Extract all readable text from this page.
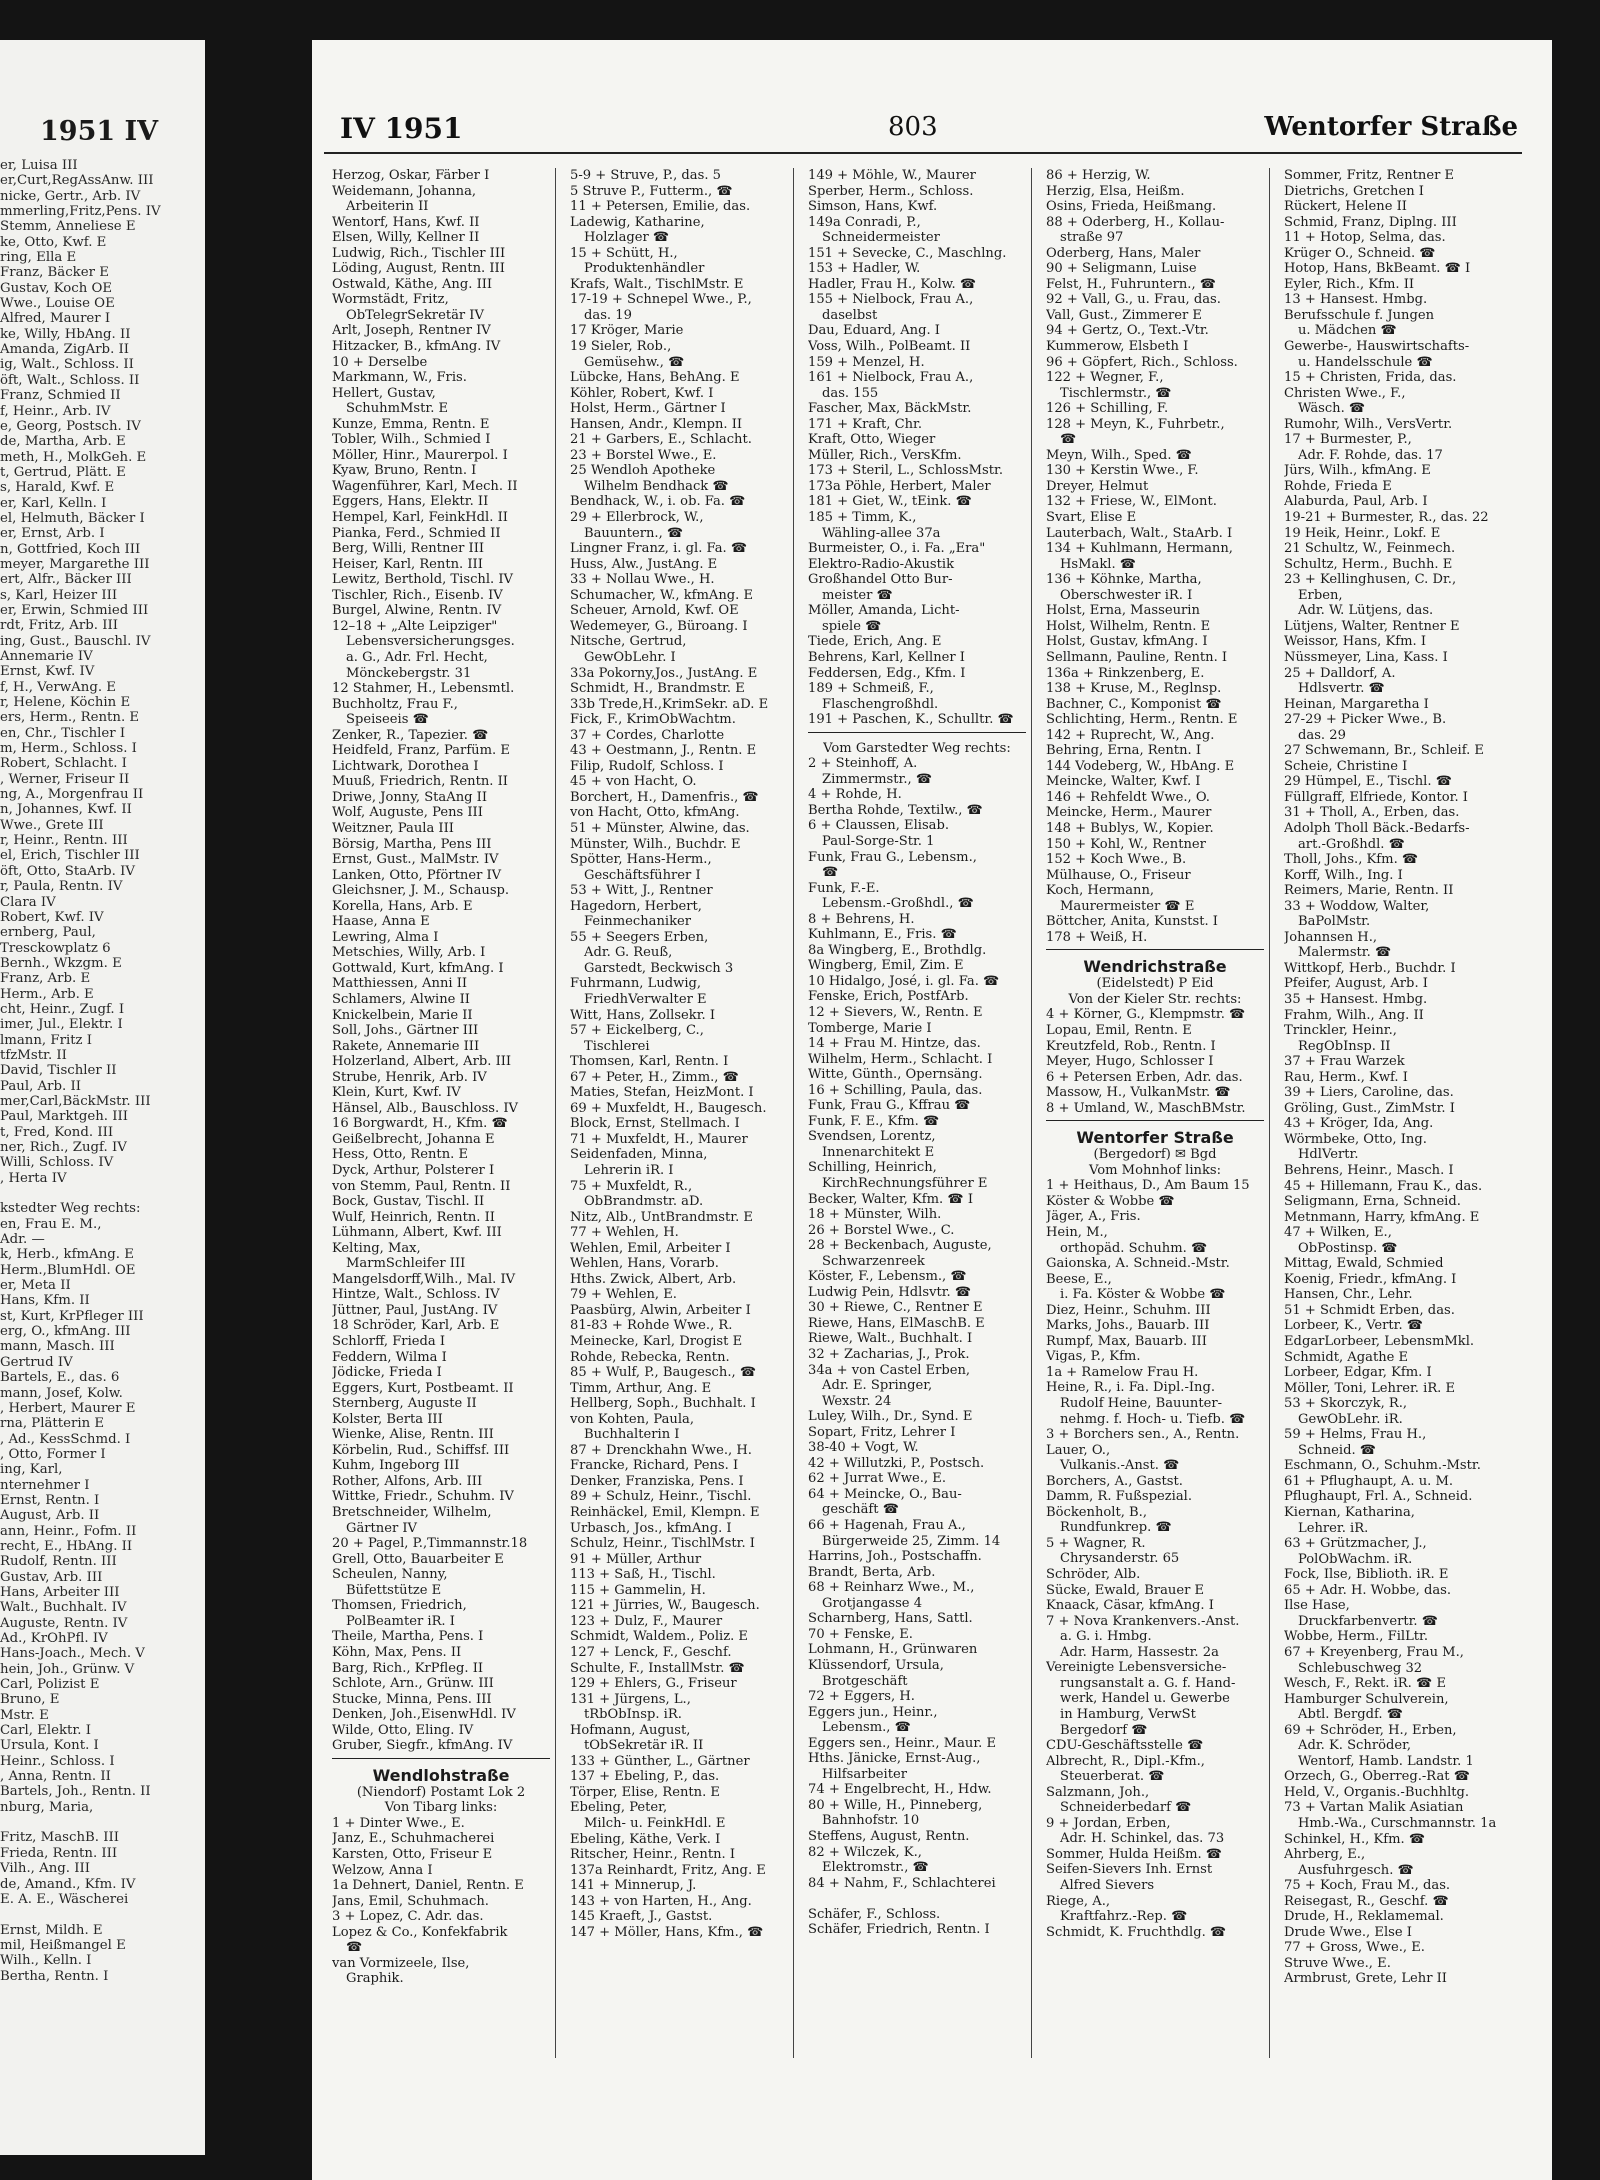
1951 IV
er, Luisa III
er,Curt,RegAssAnw. III
nicke, Gertr., Arb. IV
mmerling,Fritz,Pens. IV
Stemm, Anneliese E
ke, Otto, Kwf. E
ring, Ella E
Franz, Bäcker E
Gustav, Koch OE
Wwe., Louise OE
Alfred, Maurer I
ke, Willy, HbAng. II
Amanda, ZigArb. II
ig, Walt., Schloss. II
öft, Walt., Schloss. II
Franz, Schmied II
f, Heinr., Arb. IV
e, Georg, Postsch. IV
de, Martha, Arb. E
meth, H., MolkGeh. E
t, Gertrud, Plätt. E
s, Harald, Kwf. E
er, Karl, Kelln. I
el, Helmuth, Bäcker I
er, Ernst, Arb. I
n, Gottfried, Koch III
meyer, Margarethe III
ert, Alfr., Bäcker III
s, Karl, Heizer III
er, Erwin, Schmied III
rdt, Fritz, Arb. III
ing, Gust., Bauschl. IV
Annemarie IV
Ernst, Kwf. IV
f, H., VerwAng. E
r, Helene, Köchin E
ers, Herm., Rentn. E
en, Chr., Tischler I
m, Herm., Schloss. I
Robert, Schlacht. I
, Werner, Friseur II
ng, A., Morgenfrau II
n, Johannes, Kwf. II
Wwe., Grete III
r, Heinr., Rentn. III
el, Erich, Tischler III
öft, Otto, StaArb. IV
r, Paula, Rentn. IV
Clara IV
Robert, Kwf. IV
ernberg, Paul,
Tresckowplatz 6
Bernh., Wkzgm. E
Franz, Arb. E
Herm., Arb. E
cht, Heinr., Zugf. I
imer, Jul., Elektr. I
lmann, Fritz I
tfzMstr. II
David, Tischler II
Paul, Arb. II
mer,Carl,BäckMstr. III
Paul, Marktgeh. III
t, Fred, Kond. III
ner, Rich., Zugf. IV
Willi, Schloss. IV
, Herta IV

kstedter Weg rechts:
en, Frau E. M.,
Adr. —
k, Herb., kfmAng. E
Herm.,BlumHdl. OE
er, Meta II
Hans, Kfm. II
st, Kurt, KrPfleger III
erg, O., kfmAng. III
mann, Masch. III
Gertrud IV
Bartels, E., das. 6
mann, Josef, Kolw.
, Herbert, Maurer E
rna, Plätterin E
, Ad., KessSchmd. I
, Otto, Former I
ing, Karl,
nternehmer I
Ernst, Rentn. I
August, Arb. II
ann, Heinr., Fofm. II
recht, E., HbAng. II
Rudolf, Rentn. III
Gustav, Arb. III
Hans, Arbeiter III
Walt., Buchhalt. IV
Auguste, Rentn. IV
Ad., KrOhPfl. IV
Hans-Joach., Mech. V
hein, Joh., Grünw. V
Carl, Polizist E
Bruno, E
Mstr. E
Carl, Elektr. I
Ursula, Kont. I
Heinr., Schloss. I
, Anna, Rentn. II
Bartels, Joh., Rentn. II
nburg, Maria,

Fritz, MaschB. III
Frieda, Rentn. III
Vilh., Ang. III
de, Amand., Kfm. IV
E. A. E., Wäscherei

Ernst, Mildh. E
mil, Heißmangel E
Wilh., Kelln. I
Bertha, Rentn. I
IV 1951	803	Wentorfer Straße
Herzog, Oskar, Färber I
Weidemann, Johanna,
Arbeiterin II
Wentorf, Hans, Kwf. II
Elsen, Willy, Kellner II
Ludwig, Rich., Tischler III
Löding, August, Rentn. III
Ostwald, Käthe, Ang. III
Wormstädt, Fritz,
ObTelegrSekretär IV
Arlt, Joseph, Rentner IV
Hitzacker, B., kfmAng. IV
10 + Derselbe
Markmann, W., Fris.
Hellert, Gustav,
SchuhmMstr. E
Kunze, Emma, Rentn. E
Tobler, Wilh., Schmied I
Möller, Hinr., Maurerpol. I
Kyaw, Bruno, Rentn. I
Wagenführer, Karl, Mech. II
Eggers, Hans, Elektr. II
Hempel, Karl, FeinkHdl. II
Pianka, Ferd., Schmied II
Berg, Willi, Rentner III
Heiser, Karl, Rentn. III
Lewitz, Berthold, Tischl. IV
Tischler, Rich., Eisenb. IV
Burgel, Alwine, Rentn. IV
12–18 + „Alte Leipziger"
Lebensversicherungsges.
a. G., Adr. Frl. Hecht,
Mönckebergstr. 31
12 Stahmer, H., Lebensmtl.
Buchholtz, Frau F.,
Speiseeis ☎
Zenker, R., Tapezier. ☎
Heidfeld, Franz, Parfüm. E
Lichtwark, Dorothea I
Muuß, Friedrich, Rentn. II
Driwe, Jonny, StaAng II
Wolf, Auguste, Pens III
Weitzner, Paula III
Börsig, Martha, Pens III
Ernst, Gust., MalMstr. IV
Lanken, Otto, Pförtner IV
Gleichsner, J. M., Schausp.
Korella, Hans, Arb. E
Haase, Anna E
Lewring, Alma I
Metschies, Willy, Arb. I
Gottwald, Kurt, kfmAng. I
Matthiessen, Anni II
Schlamers, Alwine II
Knickelbein, Marie II
Soll, Johs., Gärtner III
Rakete, Annemarie III
Holzerland, Albert, Arb. III
Strube, Henrik, Arb. IV
Klein, Kurt, Kwf. IV
Hänsel, Alb., Bauschloss. IV
16 Borgwardt, H., Kfm. ☎
Geißelbrecht, Johanna E
Hess, Otto, Rentn. E
Dyck, Arthur, Polsterer I
von Stemm, Paul, Rentn. II
Bock, Gustav, Tischl. II
Wulf, Heinrich, Rentn. II
Lühmann, Albert, Kwf. III
Kelting, Max,
MarmSchleifer III
Mangelsdorff,Wilh., Mal. IV
Hintze, Walt., Schloss. IV
Jüttner, Paul, JustAng. IV
18 Schröder, Karl, Arb. E
Schlorff, Frieda I
Feddern, Wilma I
Jödicke, Frieda I
Eggers, Kurt, Postbeamt. II
Sternberg, Auguste II
Kolster, Berta III
Wienke, Alise, Rentn. III
Körbelin, Rud., Schiffsf. III
Kuhm, Ingeborg III
Rother, Alfons, Arb. III
Wittke, Friedr., Schuhm. IV
Bretschneider, Wilhelm,
Gärtner IV
20 + Pagel, P.,Timmannstr.18
Grell, Otto, Bauarbeiter E
Scheulen, Nanny,
Büfettstütze E
Thomsen, Friedrich,
PolBeamter iR. I
Theile, Martha, Pens. I
Köhn, Max, Pens. II
Barg, Rich., KrPfleg. II
Schlote, Arn., Grünw. III
Stucke, Minna, Pens. III
Denken, Joh.,EisenwHdl. IV
Wilde, Otto, Eling. IV
Gruber, Siegfr., kfmAng. IV

Wendlohstraße
(Niendorf) Postamt Lok 2
Von Tibarg links:
1 + Dinter Wwe., E.
Janz, E., Schuhmacherei
Karsten, Otto, Friseur E
Welzow, Anna I
1a Dehnert, Daniel, Rentn. E
Jans, Emil, Schuhmach.
3 + Lopez, C. Adr. das.
Lopez & Co., Konfekfabrik
☎
van Vormizeele, Ilse,
Graphik.
5-9 + Struve, P., das. 5
5 Struve P., Futterm., ☎
11 + Petersen, Emilie, das.
Ladewig, Katharine,
Holzlager ☎
15 + Schütt, H.,
Produktenhändler
Krafs, Walt., TischlMstr. E
17-19 + Schnepel Wwe., P.,
das. 19
17 Kröger, Marie
19 Sieler, Rob.,
Gemüsehw., ☎
Lübcke, Hans, BehAng. E
Köhler, Robert, Kwf. I
Holst, Herm., Gärtner I
Hansen, Andr., Klempn. II
21 + Garbers, E., Schlacht.
23 + Borstel Wwe., E.
25 Wendloh Apotheke
Wilhelm Bendhack ☎
Bendhack, W., i. ob. Fa. ☎
29 + Ellerbrock, W.,
Bauuntern., ☎
Lingner Franz, i. gl. Fa. ☎
Huss, Alw., JustAng. E
33 + Nollau Wwe., H.
Schumacher, W., kfmAng. E
Scheuer, Arnold, Kwf. OE
Wedemeyer, G., Büroang. I
Nitsche, Gertrud,
GewObLehr. I
33a Pokorny,Jos., JustAng. E
Schmidt, H., Brandmstr. E
33b Trede,H.,KrimSekr. aD. E
Fick, F., KrimObWachtm.
37 + Cordes, Charlotte
43 + Oestmann, J., Rentn. E
Filip, Rudolf, Schloss. I
45 + von Hacht, O.
Borchert, H., Damenfris., ☎
von Hacht, Otto, kfmAng.
51 + Münster, Alwine, das.
Münster, Wilh., Buchdr. E
Spötter, Hans-Herm.,
Geschäftsführer I
53 + Witt, J., Rentner
Hagedorn, Herbert,
Feinmechaniker
55 + Seegers Erben,
Adr. G. Reuß,
Garstedt, Beckwisch 3
Fuhrmann, Ludwig,
FriedhVerwalter E
Witt, Hans, Zollsekr. I
57 + Eickelberg, C.,
Tischlerei
Thomsen, Karl, Rentn. I
67 + Peter, H., Zimm., ☎
Maties, Stefan, HeizMont. I
69 + Muxfeldt, H., Baugesch.
Block, Ernst, Stellmach. I
71 + Muxfeldt, H., Maurer
Seidenfaden, Minna,
Lehrerin iR. I
75 + Muxfeldt, R.,
ObBrandmstr. aD.
Nitz, Alb., UntBrandmstr. E
77 + Wehlen, H.
Wehlen, Emil, Arbeiter I
Wehlen, Hans, Vorarb.
Hths. Zwick, Albert, Arb.
79 + Wehlen, E.
Paasbürg, Alwin, Arbeiter I
81-83 + Rohde Wwe., R.
Meinecke, Karl, Drogist E
Rohde, Rebecka, Rentn.
85 + Wulf, P., Baugesch., ☎
Timm, Arthur, Ang. E
Hellberg, Soph., Buchhalt. I
von Kohten, Paula,
Buchhalterin I
87 + Drenckhahn Wwe., H.
Francke, Richard, Pens. I
Denker, Franziska, Pens. I
89 + Schulz, Heinr., Tischl.
Reinhäckel, Emil, Klempn. E
Urbasch, Jos., kfmAng. I
Schulz, Heinr., TischlMstr. I
91 + Müller, Arthur
113 + Saß, H., Tischl.
115 + Gammelin, H.
121 + Jürries, W., Baugesch.
123 + Dulz, F., Maurer
Schmidt, Waldem., Poliz. E
127 + Lenck, F., Geschf.
Schulte, F., InstallMstr. ☎
129 + Ehlers, G., Friseur
131 + Jürgens, L.,
tRbObInsp. iR.
Hofmann, August,
tObSekretär iR. II
133 + Günther, L., Gärtner
137 + Ebeling, P., das.
Törper, Elise, Rentn. E
Ebeling, Peter,
Milch- u. FeinkHdl. E
Ebeling, Käthe, Verk. I
Ritscher, Heinr., Rentn. I
137a Reinhardt, Fritz, Ang. E
141 + Minnerup, J.
143 + von Harten, H., Ang.
145 Kraeft, J., Gastst.
147 + Möller, Hans, Kfm., ☎
149 + Möhle, W., Maurer
Sperber, Herm., Schloss.
Simson, Hans, Kwf.
149a Conradi, P.,
Schneidermeister
151 + Sevecke, C., Maschlng.
153 + Hadler, W.
Hadler, Frau H., Kolw. ☎
155 + Nielbock, Frau A.,
daselbst
Dau, Eduard, Ang. I
Voss, Wilh., PolBeamt. II
159 + Menzel, H.
161 + Nielbock, Frau A.,
das. 155
Fascher, Max, BäckMstr.
171 + Kraft, Chr.
Kraft, Otto, Wieger
Müller, Rich., VersKfm.
173 + Steril, L., SchlossMstr.
173a Pöhle, Herbert, Maler
181 + Giet, W., tEink. ☎
185 + Timm, K.,
Wähling-allee 37a
Burmeister, O., i. Fa. „Era"
Elektro-Radio-Akustik
Großhandel Otto Bur-
meister ☎
Möller, Amanda, Licht-
spiele ☎
Tiede, Erich, Ang. E
Behrens, Karl, Kellner I
Feddersen, Edg., Kfm. I
189 + Schmeiß, F.,
Flaschengroßhdl.
191 + Paschen, K., Schulltr. ☎

Vom Garstedter Weg rechts:
2 + Steinhoff, A.
Zimmermstr., ☎
4 + Rohde, H.
Bertha Rohde, Textilw., ☎
6 + Claussen, Elisab.
Paul-Sorge-Str. 1
Funk, Frau G., Lebensm.,
☎
Funk, F.-E.
Lebensm.-Großhdl., ☎
8 + Behrens, H.
Kuhlmann, E., Fris. ☎
8a Wingberg, E., Brothdlg.
Wingberg, Emil, Zim. E
10 Hidalgo, José, i. gl. Fa. ☎
Fenske, Erich, PostfArb.
12 + Sievers, W., Rentn. E
Tomberge, Marie I
14 + Frau M. Hintze, das.
Wilhelm, Herm., Schlacht. I
Witte, Günth., Opernsäng.
16 + Schilling, Paula, das.
Funk, Frau G., Kffrau ☎
Funk, F. E., Kfm. ☎
Svendsen, Lorentz,
Innenarchitekt E
Schilling, Heinrich,
KirchRechnungsführer E
Becker, Walter, Kfm. ☎ I
18 + Münster, Wilh.
26 + Borstel Wwe., C.
28 + Beckenbach, Auguste,
Schwarzenreek
Köster, F., Lebensm., ☎
Ludwig Pein, Hdlsvtr. ☎
30 + Riewe, C., Rentner E
Riewe, Hans, ElMaschB. E
Riewe, Walt., Buchhalt. I
32 + Zacharias, J., Prok.
34a + von Castel Erben,
Adr. E. Springer,
Wexstr. 24
Luley, Wilh., Dr., Synd. E
Sopart, Fritz, Lehrer I
38-40 + Vogt, W.
42 + Willutzki, P., Postsch.
62 + Jurrat Wwe., E.
64 + Meincke, O., Bau-
geschäft ☎
66 + Hagenah, Frau A.,
Bürgerweide 25, Zimm. 14
Harrins, Joh., Postschaffn.
Brandt, Berta, Arb.
68 + Reinharz Wwe., M.,
Grotjangasse 4
Scharnberg, Hans, Sattl.
70 + Fenske, E.
Lohmann, H., Grünwaren
Klüssendorf, Ursula,
Brotgeschäft
72 + Eggers, H.
Eggers jun., Heinr.,
Lebensm., ☎
Eggers sen., Heinr., Maur. E
Hths. Jänicke, Ernst-Aug.,
Hilfsarbeiter
74 + Engelbrecht, H., Hdw.
80 + Wille, H., Pinneberg,
Bahnhofstr. 10
Steffens, August, Rentn.
82 + Wilczek, K.,
Elektromstr., ☎
84 + Nahm, F., Schlachterei

Schäfer, F., Schloss.
Schäfer, Friedrich, Rentn. I
86 + Herzig, W.
Herzig, Elsa, Heißm.
Osins, Frieda, Heißmang.
88 + Oderberg, H., Kollau-
straße 97
Oderberg, Hans, Maler
90 + Seligmann, Luise
Felst, H., Fuhruntern., ☎
92 + Vall, G., u. Frau, das.
Vall, Gust., Zimmerer E
94 + Gertz, O., Text.-Vtr.
Kummerow, Elsbeth I
96 + Göpfert, Rich., Schloss.
122 + Wegner, F.,
Tischlermstr., ☎
126 + Schilling, F.
128 + Meyn, K., Fuhrbetr.,
☎
Meyn, Wilh., Sped. ☎
130 + Kerstin Wwe., F.
Dreyer, Helmut
132 + Friese, W., ElMont.
Svart, Elise E
Lauterbach, Walt., StaArb. I
134 + Kuhlmann, Hermann,
HsMakl. ☎
136 + Köhnke, Martha,
Oberschwester iR. I
Holst, Erna, Masseurin
Holst, Wilhelm, Rentn. E
Holst, Gustav, kfmAng. I
Sellmann, Pauline, Rentn. I
136a + Rinkzenberg, E.
138 + Kruse, M., Reglnsp.
Bachner, C., Komponist ☎
Schlichting, Herm., Rentn. E
142 + Ruprecht, W., Ang.
Behring, Erna, Rentn. I
144 Vodeberg, W., HbAng. E
Meincke, Walter, Kwf. I
146 + Rehfeldt Wwe., O.
Meincke, Herm., Maurer
148 + Bublys, W., Kopier.
150 + Kohl, W., Rentner
152 + Koch Wwe., B.
Mülhause, O., Friseur
Koch, Hermann,
Maurermeister ☎ E
Böttcher, Anita, Kunstst. I
178 + Weiß, H.

Wendrichstraße
(Eidelstedt) P Eid
Von der Kieler Str. rechts:
4 + Körner, G., Klempmstr. ☎
Lopau, Emil, Rentn. E
Kreutzfeld, Rob., Rentn. I
Meyer, Hugo, Schlosser I
6 + Petersen Erben, Adr. das.
Massow, H., VulkanMstr. ☎
8 + Umland, W., MaschBMstr.

Wentorfer Straße
(Bergedorf) ✉ Bgd
Vom Mohnhof links:
1 + Heithaus, D., Am Baum 15
Köster & Wobbe ☎
Jäger, A., Fris.
Hein, M.,
orthopäd. Schuhm. ☎
Gaionska, A. Schneid.-Mstr.
Beese, E.,
i. Fa. Köster & Wobbe ☎
Diez, Heinr., Schuhm. III
Marks, Johs., Bauarb. III
Rumpf, Max, Bauarb. III
Vigas, P., Kfm.
1a + Ramelow Frau H.
Heine, R., i. Fa. Dipl.-Ing.
Rudolf Heine, Bauunter-
nehmg. f. Hoch- u. Tiefb. ☎
3 + Borchers sen., A., Rentn.
Lauer, O.,
Vulkanis.-Anst. ☎
Borchers, A., Gastst.
Damm, R. Fußspezial.
Böckenholt, B.,
Rundfunkrep. ☎
5 + Wagner, R.
Chrysanderstr. 65
Schröder, Alb.
Sücke, Ewald, Brauer E
Knaack, Cäsar, kfmAng. I
7 + Nova Krankenvers.-Anst.
a. G. i. Hmbg.
Adr. Harm, Hassestr. 2a
Vereinigte Lebensversiche-
rungsanstalt a. G. f. Hand-
werk, Handel u. Gewerbe
in Hamburg, VerwSt
Bergedorf ☎
CDU-Geschäftsstelle ☎
Albrecht, R., Dipl.-Kfm.,
Steuerberat. ☎
Salzmann, Joh.,
Schneiderbedarf ☎
9 + Jordan, Erben,
Adr. H. Schinkel, das. 73
Sommer, Hulda Heißm. ☎
Seifen-Sievers Inh. Ernst
Alfred Sievers
Riege, A.,
Kraftfahrz.-Rep. ☎
Schmidt, K. Fruchthdlg. ☎
Sommer, Fritz, Rentner E
Dietrichs, Gretchen I
Rückert, Helene II
Schmid, Franz, Diplng. III
11 + Hotop, Selma, das.
Krüger O., Schneid. ☎
Hotop, Hans, BkBeamt. ☎ I
Eyler, Rich., Kfm. II
13 + Hansest. Hmbg.
Berufsschule f. Jungen
u. Mädchen ☎
Gewerbe-, Hauswirtschafts-
u. Handelsschule ☎
15 + Christen, Frida, das.
Christen Wwe., F.,
Wäsch. ☎
Rumohr, Wilh., VersVertr.
17 + Burmester, P.,
Adr. F. Rohde, das. 17
Jürs, Wilh., kfmAng. E
Rohde, Frieda E
Alaburda, Paul, Arb. I
19-21 + Burmester, R., das. 22
19 Heik, Heinr., Lokf. E
21 Schultz, W., Feinmech.
Schultz, Herm., Buchh. E
23 + Kellinghusen, C. Dr.,
Erben,
Adr. W. Lütjens, das.
Lütjens, Walter, Rentner E
Weissor, Hans, Kfm. I
Nüssmeyer, Lina, Kass. I
25 + Dalldorf, A.
Hdlsvertr. ☎
Heinan, Margaretha I
27-29 + Picker Wwe., B.
das. 29
27 Schwemann, Br., Schleif. E
Scheie, Christine I
29 Hümpel, E., Tischl. ☎
Füllgraff, Elfriede, Kontor. I
31 + Tholl, A., Erben, das.
Adolph Tholl Bäck.-Bedarfs-
art.-Großhdl. ☎
Tholl, Johs., Kfm. ☎
Korff, Wilh., Ing. I
Reimers, Marie, Rentn. II
33 + Woddow, Walter,
BaPolMstr.
Johannsen H.,
Malermstr. ☎
Wittkopf, Herb., Buchdr. I
Pfeifer, August, Arb. I
35 + Hansest. Hmbg.
Frahm, Wilh., Ang. II
Trinckler, Heinr.,
RegObInsp. II
37 + Frau Warzek
Rau, Herm., Kwf. I
39 + Liers, Caroline, das.
Gröling, Gust., ZimMstr. I
43 + Kröger, Ida, Ang.
Wörmbeke, Otto, Ing.
HdlVertr.
Behrens, Heinr., Masch. I
45 + Hillemann, Frau K., das.
Seligmann, Erna, Schneid.
Metnmann, Harry, kfmAng. E
47 + Wilken, E.,
ObPostinsp. ☎
Mittag, Ewald, Schmied
Koenig, Friedr., kfmAng. I
Hansen, Chr., Lehr.
51 + Schmidt Erben, das.
Lorbeer, K., Vertr. ☎
EdgarLorbeer, LebensmMkl.
Schmidt, Agathe E
Lorbeer, Edgar, Kfm. I
Möller, Toni, Lehrer. iR. E
53 + Skorczyk, R.,
GewObLehr. iR.
59 + Helms, Frau H.,
Schneid. ☎
Eschmann, O., Schuhm.-Mstr.
61 + Pflughaupt, A. u. M.
Pflughaupt, Frl. A., Schneid.
Kiernan, Katharina,
Lehrer. iR.
63 + Grützmacher, J.,
PolObWachm. iR.
Fock, Ilse, Biblioth. iR. E
65 + Adr. H. Wobbe, das.
Ilse Hase,
Druckfarbenvertr. ☎
Wobbe, Herm., FilLtr.
67 + Kreyenberg, Frau M.,
Schlebuschweg 32
Wesch, F., Rekt. iR. ☎ E
Hamburger Schulverein,
Abtl. Bergdf. ☎
69 + Schröder, H., Erben,
Adr. K. Schröder,
Wentorf, Hamb. Landstr. 1
Orzech, G., Oberreg.-Rat ☎
Held, V., Organis.-Buchhltg.
73 + Vartan Malik Asiatian
Hmb.-Wa., Curschmannstr. 1a
Schinkel, H., Kfm. ☎
Ahrberg, E.,
Ausfuhrgesch. ☎
75 + Koch, Frau M., das.
Reisegast, R., Geschf. ☎
Drude, H., Reklamemal.
Drude Wwe., Else I
77 + Gross, Wwe., E.
Struve Wwe., E.
Armbrust, Grete, Lehr II
